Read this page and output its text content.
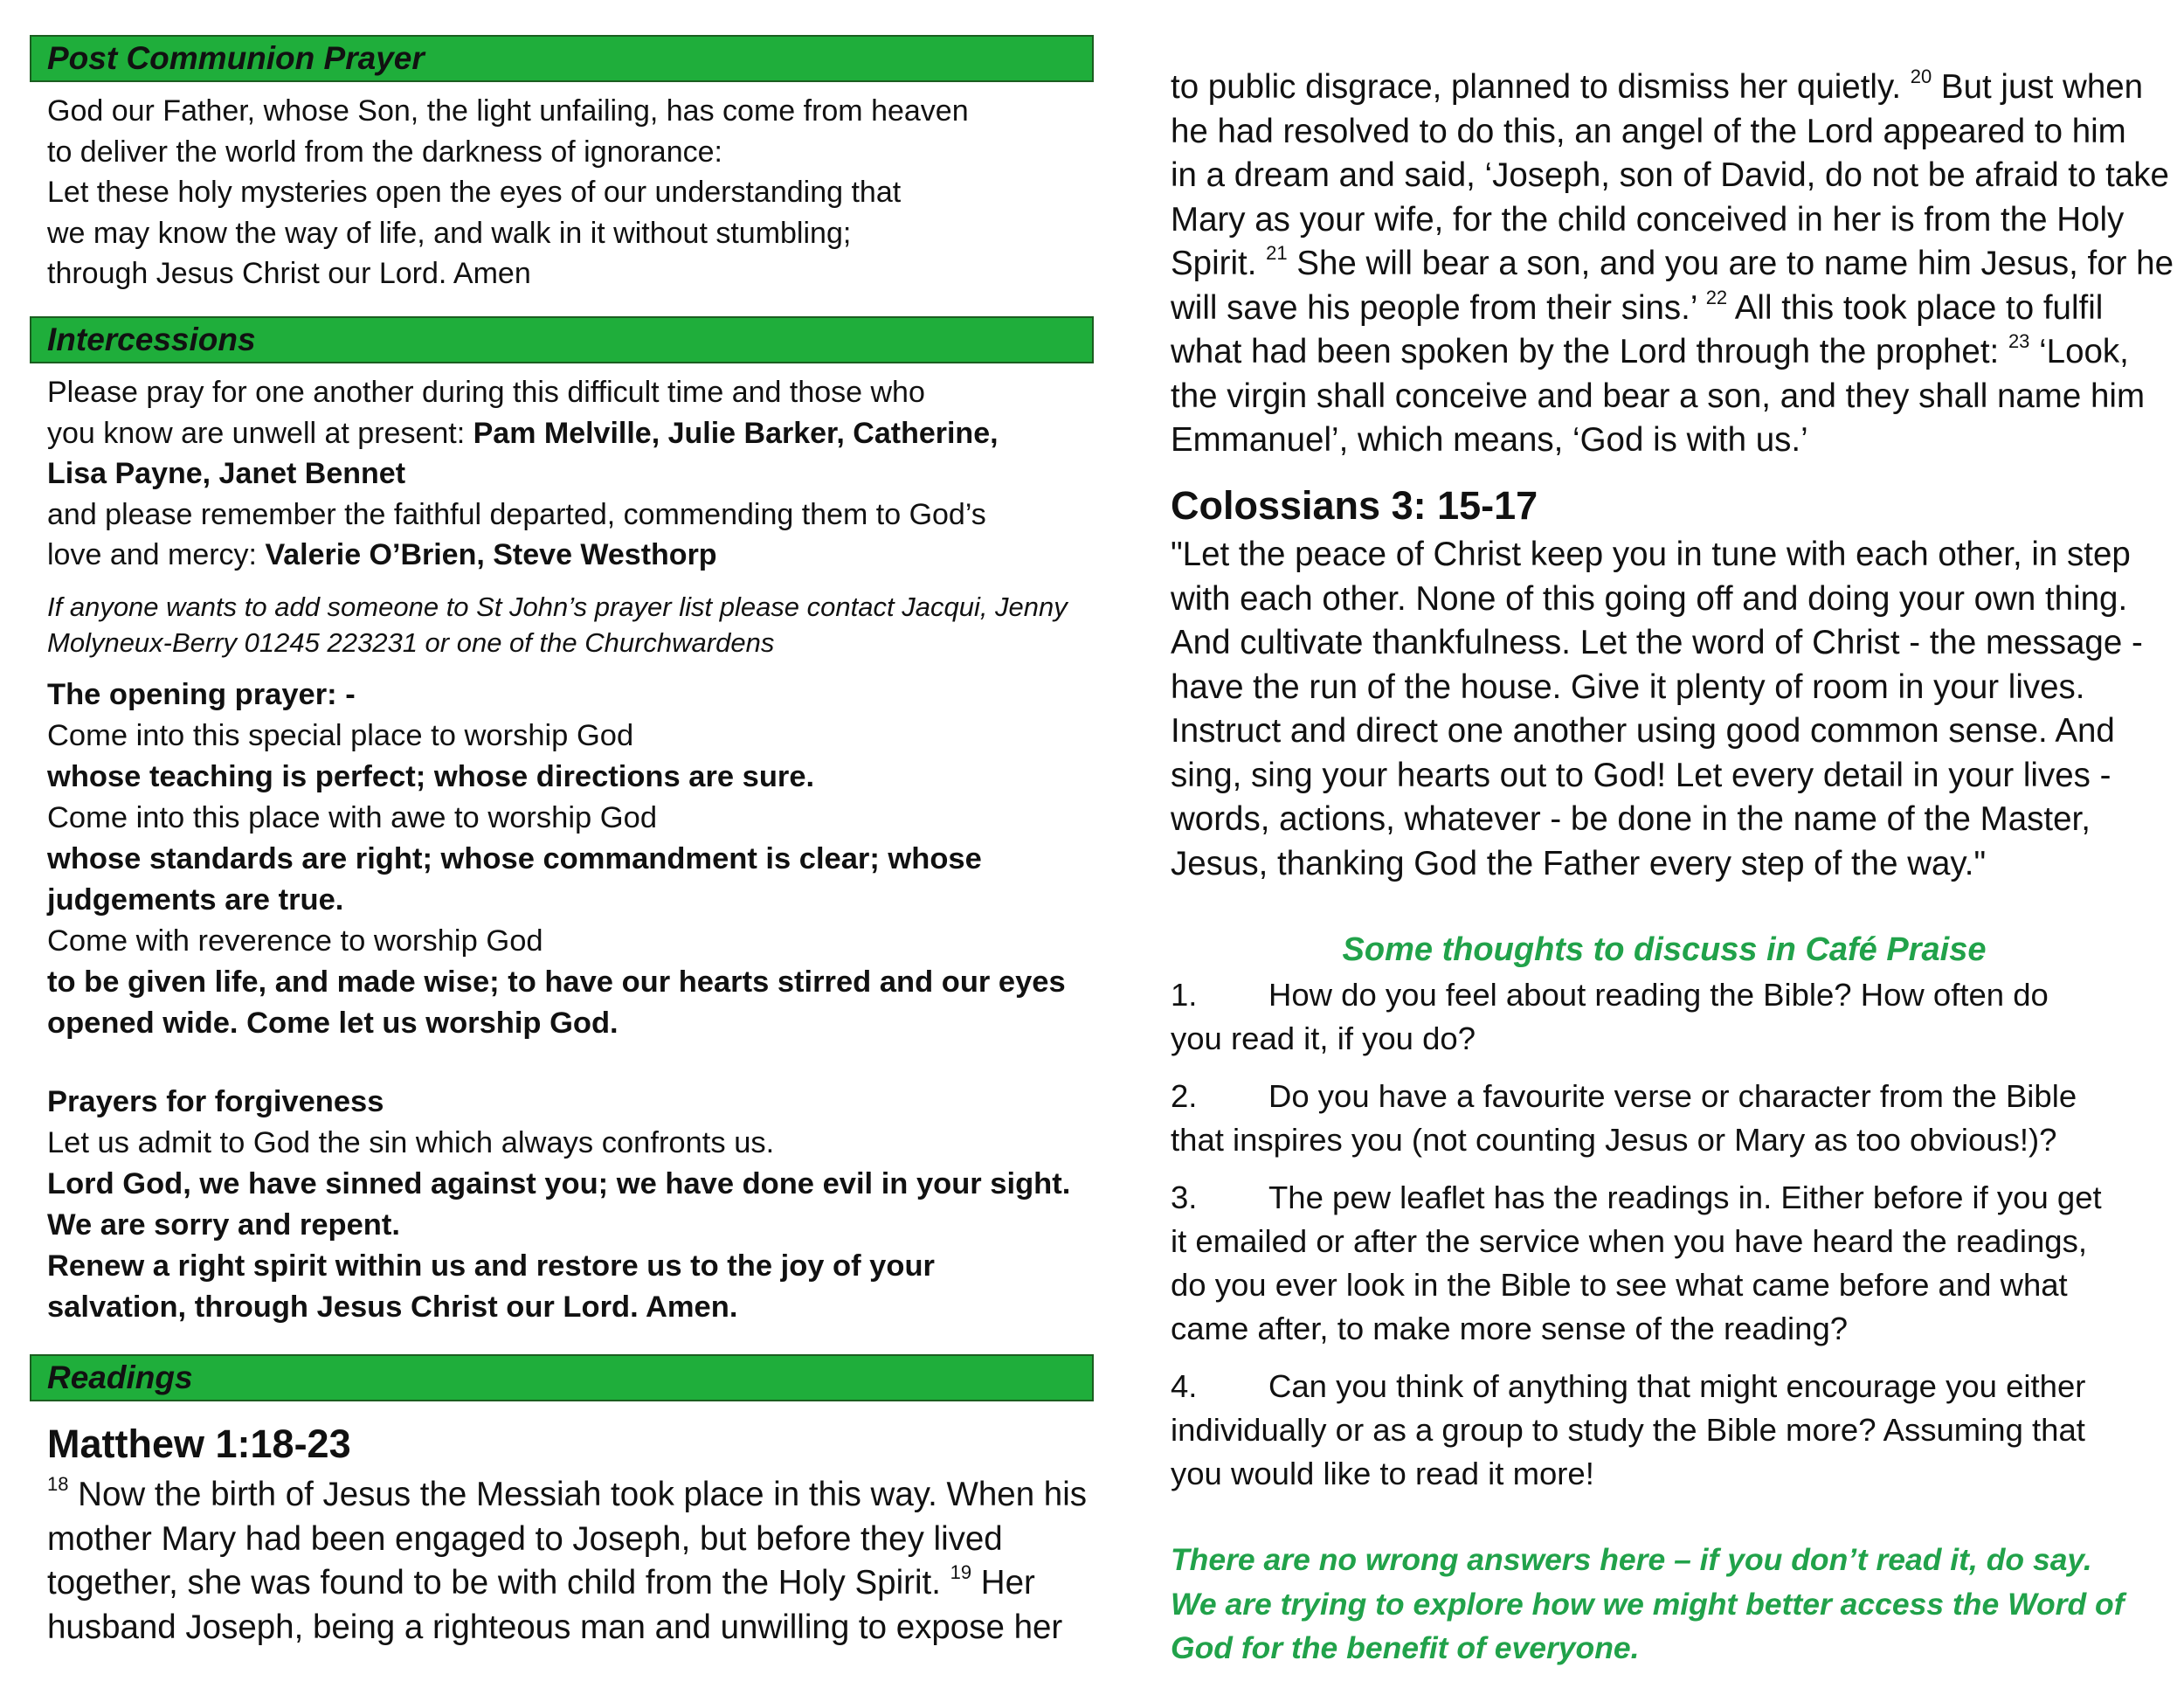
Post Communion Prayer
God our Father, whose Son, the light unfailing, has come from heaven
to deliver the world from the darkness of ignorance:
Let these holy mysteries open the eyes of our understanding that
we may know the way of life, and walk in it without stumbling;
through Jesus Christ our Lord. Amen
Intercessions
Please pray for one another during this difficult time and those who
you know are unwell at present: Pam Melville, Julie Barker, Catherine,
Lisa Payne, Janet Bennet
and please remember the faithful departed, commending them to God’s
love and mercy: Valerie O’Brien, Steve Westhorp
If anyone wants to add someone to St John’s prayer list please contact Jacqui, Jenny
Molyneux-Berry 01245 223231 or one of the Churchwardens
The opening prayer: -
Come into this special place to worship God
whose teaching is perfect; whose directions are sure.
Come into this place with awe to worship God
whose standards are right; whose commandment is clear; whose
judgements are true.
Come with reverence to worship God
to be given life, and made wise; to have our hearts stirred and our eyes
opened wide. Come let us worship God.
Prayers for forgiveness
Let us admit to God the sin which always confronts us.
Lord God, we have sinned against you; we have done evil in your sight.
We are sorry and repent.
Renew a right spirit within us and restore us to the joy of your
salvation, through Jesus Christ our Lord. Amen.
Readings
Matthew 1:18-23
$^{18}$ Now the birth of Jesus the Messiah took place in this way. When his
mother Mary had been engaged to Joseph, but before they lived
together, she was found to be with child from the Holy Spirit. $^{19}$ Her
husband Joseph, being a righteous man and unwilling to expose her
to public disgrace, planned to dismiss her quietly. $^{20}$ But just when
he had resolved to do this, an angel of the Lord appeared to him
in a dream and said, ‘Joseph, son of David, do not be afraid to take
Mary as your wife, for the child conceived in her is from the Holy
Spirit. $^{21}$ She will bear a son, and you are to name him Jesus, for he
will save his people from their sins.’ $^{22}$ All this took place to fulfil
what had been spoken by the Lord through the prophet: $^{23}$ ‘Look,
the virgin shall conceive and bear a son, and they shall name him
Emmanuel’, which means, ‘God is with us.’
Colossians 3: 15-17
"Let the peace of Christ keep you in tune with each other, in step
with each other. None of this going off and doing your own thing.
And cultivate thankfulness. Let the word of Christ - the message -
have the run of the house. Give it plenty of room in your lives.
Instruct and direct one another using good common sense. And
sing, sing your hearts out to God! Let every detail in your lives -
words, actions, whatever - be done in the name of the Master,
Jesus, thanking God the Father every step of the way."
Some thoughts to discuss in Café Praise
1. How do you feel about reading the Bible? How often do
you read it, if you do?
2. Do you have a favourite verse or character from the Bible
that inspires you (not counting Jesus or Mary as too obvious!)?
3. The pew leaflet has the readings in. Either before if you get
it emailed or after the service when you have heard the readings,
do you ever look in the Bible to see what came before and what
came after, to make more sense of the reading?
4. Can you think of anything that might encourage you either
individually or as a group to study the Bible more? Assuming that
you would like to read it more!
There are no wrong answers here – if you don’t read it, do say.
We are trying to explore how we might better access the Word of
God for the benefit of everyone.
